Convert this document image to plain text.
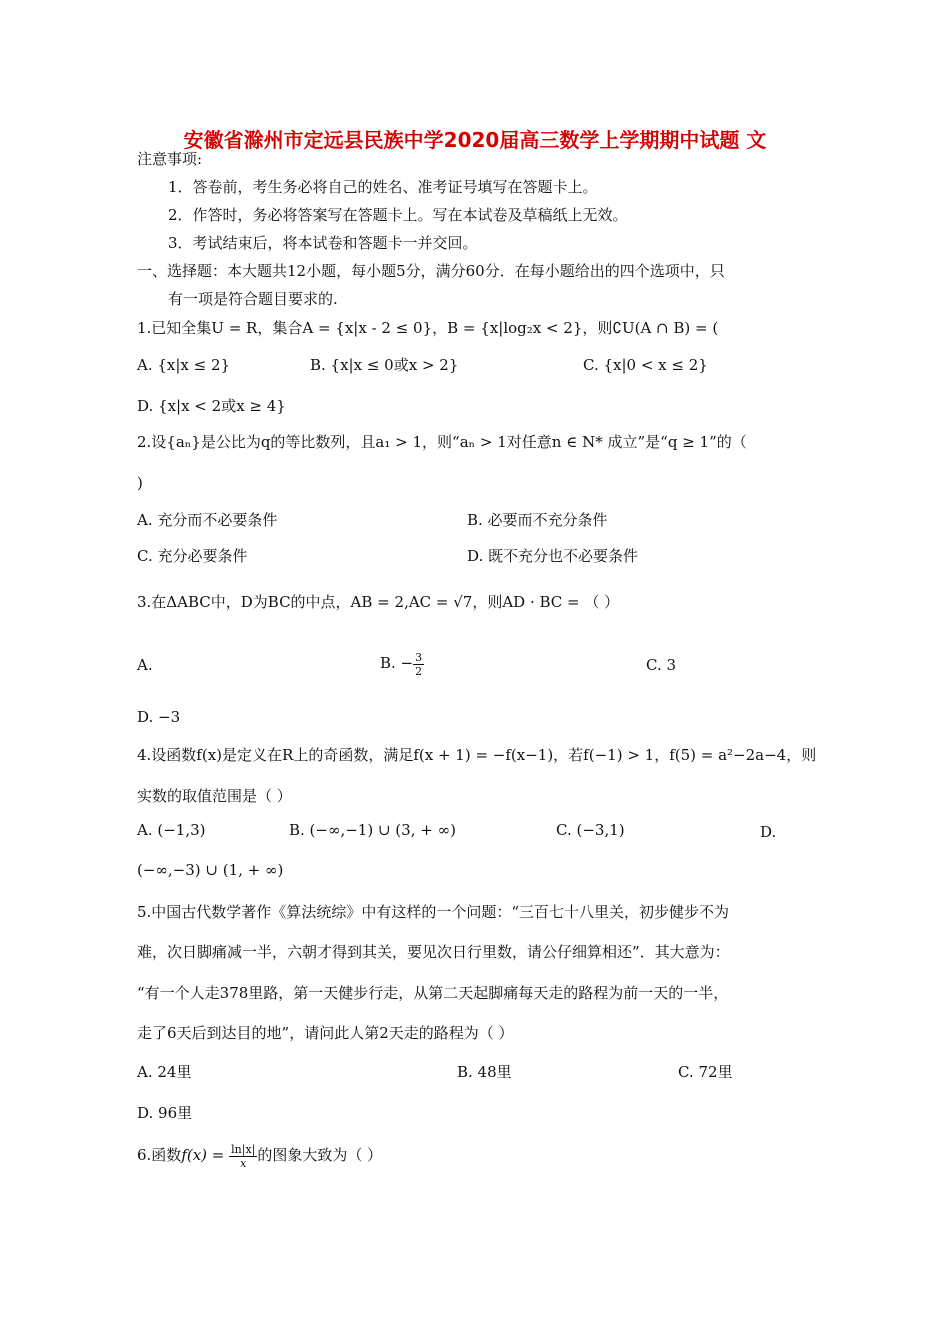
安徽省滁州市定远县民族中学2020届高三数学上学期期中试题 文
注意事项:
1．答卷前，考生务必将自己的姓名、准考证号填写在答题卡上。
2．作答时，务必将答案写在答题卡上。写在本试卷及草稿纸上无效。
3．考试结束后，将本试卷和答题卡一并交回。
一、选择题：本大题共12小题，每小题5分，满分60分．在每小题给出的四个选项中，只
有一项是符合题目要求的.
1.已知全集U = R，集合A = {x|x - 2 ≤ 0}，B = {x|log₂x < 2}，则∁U(A ∩ B) = (
A. {x|x ≤ 2}	B. {x|x ≤ 0或x > 2}	C. {x|0 < x ≤ 2}
D. {x|x < 2或x ≥ 4}
2.设{aₙ}是公比为q的等比数列，且a₁ > 1，则“aₙ > 1对任意n ∈ N* 成立”是“q ≥ 1”的（
)
A. 充分而不必要条件	B. 必要而不充分条件
C. 充分必要条件	D. 既不充分也不必要条件
3.在ΔABC中，D为BC的中点，AB = 2,AC = √7，则AD · BC = （ ）
A.	B. − $\frac{3}{2}$	C. 3
D. −3
4.设函数f(x)是定义在R上的奇函数，满足f(x + 1) = −f(x−1)，若f(−1) > 1，f(5) = a²−2a−4，则
实数的取值范围是（ ）
A. (−1,3)	B. (−∞,−1) ∪ (3, + ∞)	C. (−3,1)	D.
(−∞,−3) ∪ (1, + ∞)
5.中国古代数学著作《算法统综》中有这样的一个问题：“三百七十八里关，初步健步不为
难，次日脚痛减一半，六朝才得到其关，要见次日行里数，请公仔细算相还”．其大意为：
“有一个人走378里路，第一天健步行走，从第二天起脚痛每天走的路程为前一天的一半，
走了6天后到达目的地”，请问此人第2天走的路程为（ ）
A. 24里	B. 48里	C. 72里
D. 96里
6.函数$f(x) = \frac{\ln|x|}{x}$ 的图象大致为（ ）
